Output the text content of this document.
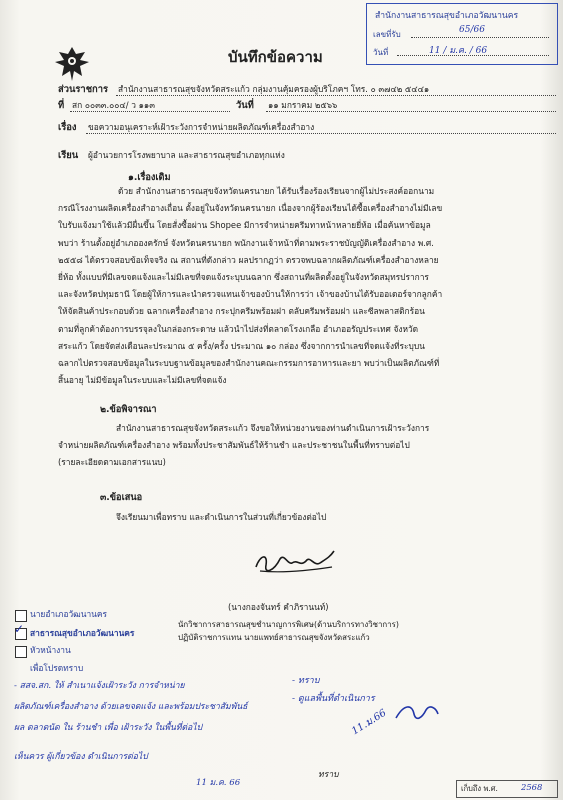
สำนักงานสาธารณสุขอำเภอวัฒนานคร
เลขที่รับ	65/66
วันที่	11 / ม.ค. / 66
บันทึกข้อความ
ส่วนราชการ สำนักงานสาธารณสุขจังหวัดสระแก้ว กลุ่มงานคุ้มครองผู้บริโภคฯ โทร. ๐ ๓๗๔๒ ๕๔๔๑
ที่ สก ๐๐๓๓.๐๐๔/ ว ๑๑๓	วันที่ ๑๑ มกราคม ๒๕๖๖
เรื่อง ขอความอนุเคราะห์เฝ้าระวังการจำหน่ายผลิตภัณฑ์เครื่องสำอาง
เรียน ผู้อำนวยการโรงพยาบาล และสาธารณสุขอำเภอทุกแห่ง
๑.เรื่องเดิม
ด้วย สำนักงานสาธารณสุขจังหวัดนครนายก ได้รับเรื่องร้องเรียนจากผู้ไม่ประสงค์ออกนาม
กรณีโรงงานผลิตเครื่องสำอางเถื่อน ตั้งอยู่ในจังหวัดนครนายก เนื่องจากผู้ร้องเรียนได้ซื้อเครื่องสำอางไม่มีเลข
ใบรับแจ้งมาใช้แล้วมีผื่นขึ้น โดยสั่งซื้อผ่าน Shopee มีการจำหน่ายครีมทาหน้าหลายยี่ห้อ เมื่อค้นหาข้อมูล
พบว่า ร้านตั้งอยู่อำเภอองครักษ์ จังหวัดนครนายก พนักงานเจ้าหน้าที่ตามพระราชบัญญัติเครื่องสำอาง พ.ศ.
๒๕๕๘ ได้ตรวจสอบข้อเท็จจริง ณ สถานที่ดังกล่าว ผลปรากฏว่า ตรวจพบฉลากผลิตภัณฑ์เครื่องสำอางหลาย
ยี่ห้อ ทั้งแบบที่มีเลขจดแจ้งและไม่มีเลขที่จดแจ้งระบุบนฉลาก ซึ่งสถานที่ผลิตตั้งอยู่ในจังหวัดสมุทรปราการ
และจังหวัดปทุมธานี โดยผู้ให้การและนำตรวจแทนเจ้าของบ้านให้การว่า เจ้าของบ้านได้รับออเดอร์จากลูกค้า
ให้จัดสินค้าประกอบด้วย ฉลากเครื่องสำอาง กระปุกครีมพร้อมฝา ตลับครีมพร้อมฝา และซีลพลาสติกร้อน
ตามที่ลูกค้าต้องการบรรจุลงในกล่องกระดาษ แล้วนำไปส่งที่ตลาดโรงเกลือ อำเภออรัญประเทศ จังหวัด
สระแก้ว โดยจัดส่งเดือนละประมาณ ๕ ครั้ง/ครั้ง ประมาณ ๑๐ กล่อง ซึ่งจากการนำเลขที่จดแจ้งที่ระบุบน
ฉลากไปตรวจสอบข้อมูลในระบบฐานข้อมูลของสำนักงานคณะกรรมการอาหารและยา พบว่าเป็นผลิตภัณฑ์ที่
สิ้นอายุ ไม่มีข้อมูลในระบบและไม่มีเลขที่จดแจ้ง
๒.ข้อพิจารณา
สำนักงานสาธารณสุขจังหวัดสระแก้ว จึงขอให้หน่วยงานของท่านดำเนินการเฝ้าระวังการ
จำหน่ายผลิตภัณฑ์เครื่องสำอาง พร้อมทั้งประชาสัมพันธ์ให้ร้านชำ และประชาชนในพื้นที่ทราบต่อไป
(รายละเอียดตามเอกสารแนบ)
๓.ข้อเสนอ
จึงเรียนมาเพื่อทราบ และดำเนินการในส่วนที่เกี่ยวข้องต่อไป
(นางกองจันทร์ คำภิรานนท์)
นักวิชาการสาธารณสุขชำนาญการพิเศษ(ด้านบริการทางวิชาการ)
ปฏิบัติราชการแทน นายแพทย์สาธารณสุขจังหวัดสระแก้ว
นายอำเภอวัฒนานคร
✓ สาธารณสุขอำเภอวัฒนานคร
หัวหน้างาน
เพื่อโปรดทราบ
- สสจ.สก. ให้ สำเนาแจ้งเฝ้าระวัง การจำหน่าย
ผลิตภัณฑ์เครื่องสำอาง ด้วยเลขจดแจ้ง และพร้อมประชาสัมพันธ์
ผล ตลาดนัด ใน ร้านชำ เพื่อ เฝ้าระวัง ในพื้นที่ต่อไป
เห็นควร ผู้เกี่ยวข้อง ดำเนินการต่อไป
11 ม.ค. 66
- ทราบ
- ดูแลพื้นที่ดำเนินการ
11.ม.66
ทราบ
เก็บถึง พ.ศ.	2568
